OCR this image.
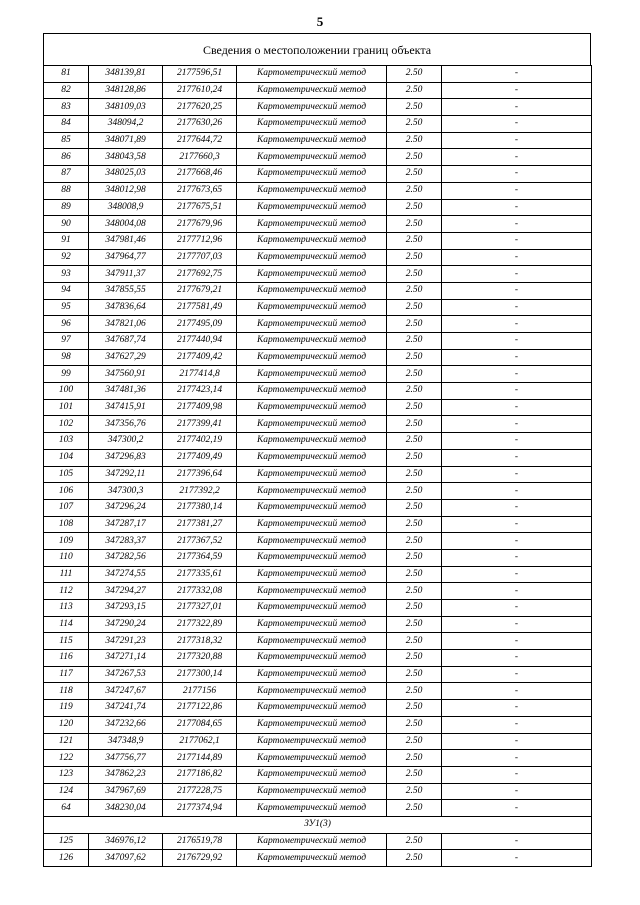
5
Сведения о местоположении границ объекта
81	348139,81	2177596,51	Картометрический метод	2.50	-
82	348128,86	2177610,24	Картометрический метод	2.50	-
83	348109,03	2177620,25	Картометрический метод	2.50	-
84	348094,2	2177630,26	Картометрический метод	2.50	-
85	348071,89	2177644,72	Картометрический метод	2.50	-
86	348043,58	2177660,3	Картометрический метод	2.50	-
87	348025,03	2177668,46	Картометрический метод	2.50	-
88	348012,98	2177673,65	Картометрический метод	2.50	-
89	348008,9	2177675,51	Картометрический метод	2.50	-
90	348004,08	2177679,96	Картометрический метод	2.50	-
91	347981,46	2177712,96	Картометрический метод	2.50	-
92	347964,77	2177707,03	Картометрический метод	2.50	-
93	347911,37	2177692,75	Картометрический метод	2.50	-
94	347855,55	2177679,21	Картометрический метод	2.50	-
95	347836,64	2177581,49	Картометрический метод	2.50	-
96	347821,06	2177495,09	Картометрический метод	2.50	-
97	347687,74	2177440,94	Картометрический метод	2.50	-
98	347627,29	2177409,42	Картометрический метод	2.50	-
99	347560,91	2177414,8	Картометрический метод	2.50	-
100	347481,36	2177423,14	Картометрический метод	2.50	-
101	347415,91	2177409,98	Картометрический метод	2.50	-
102	347356,76	2177399,41	Картометрический метод	2.50	-
103	347300,2	2177402,19	Картометрический метод	2.50	-
104	347296,83	2177409,49	Картометрический метод	2.50	-
105	347292,11	2177396,64	Картометрический метод	2.50	-
106	347300,3	2177392,2	Картометрический метод	2.50	-
107	347296,24	2177380,14	Картометрический метод	2.50	-
108	347287,17	2177381,27	Картометрический метод	2.50	-
109	347283,37	2177367,52	Картометрический метод	2.50	-
110	347282,56	2177364,59	Картометрический метод	2.50	-
111	347274,55	2177335,61	Картометрический метод	2.50	-
112	347294,27	2177332,08	Картометрический метод	2.50	-
113	347293,15	2177327,01	Картометрический метод	2.50	-
114	347290,24	2177322,89	Картометрический метод	2.50	-
115	347291,23	2177318,32	Картометрический метод	2.50	-
116	347271,14	2177320,88	Картометрический метод	2.50	-
117	347267,53	2177300,14	Картометрический метод	2.50	-
118	347247,67	2177156	Картометрический метод	2.50	-
119	347241,74	2177122,86	Картометрический метод	2.50	-
120	347232,66	2177084,65	Картометрический метод	2.50	-
121	347348,9	2177062,1	Картометрический метод	2.50	-
122	347756,77	2177144,89	Картометрический метод	2.50	-
123	347862,23	2177186,82	Картометрический метод	2.50	-
124	347967,69	2177228,75	Картометрический метод	2.50	-
64	348230,04	2177374,94	Картометрический метод	2.50	-
ЗУ1(3)					
125	346976,12	2176519,78	Картометрический метод	2.50	-
126	347097,62	2176729,92	Картометрический метод	2.50	-
